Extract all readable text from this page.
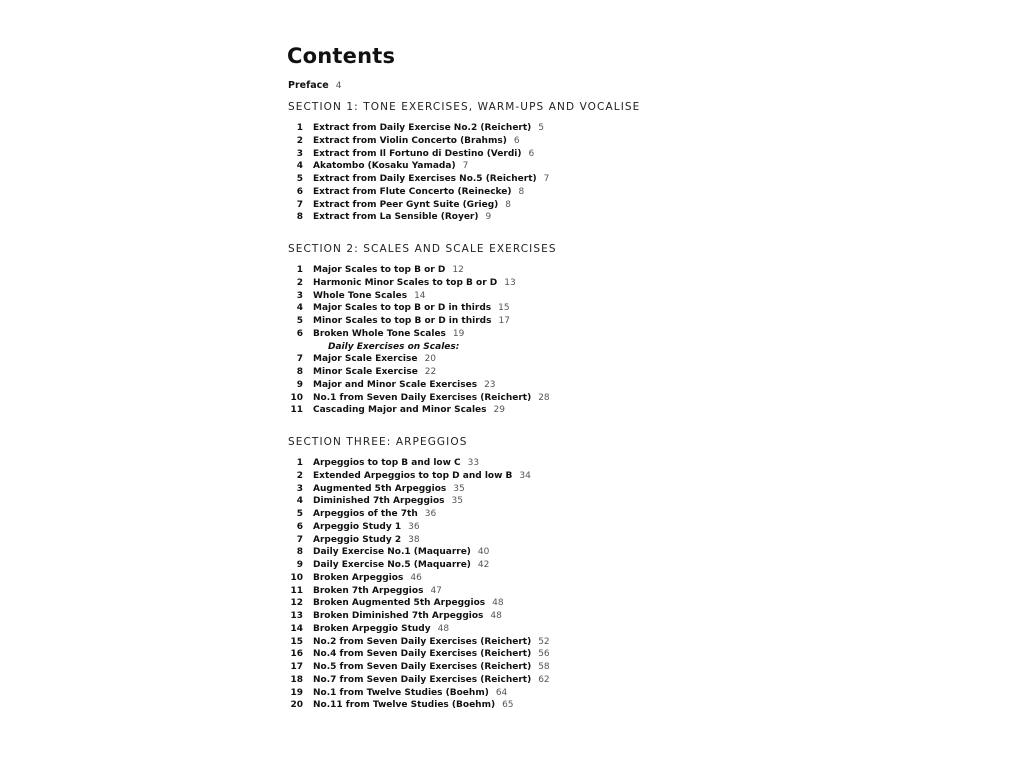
Contents
Preface 4
SECTION 1: TONE EXERCISES, WARM-UPS AND VOCALISE
1 Extract from Daily Exercise No.2 (Reichert) 5
2 Extract from Violin Concerto (Brahms) 6
3 Extract from Il Fortuno di Destino (Verdi) 6
4 Akatombo (Kosaku Yamada) 7
5 Extract from Daily Exercises No.5 (Reichert) 7
6 Extract from Flute Concerto (Reinecke) 8
7 Extract from Peer Gynt Suite (Grieg) 8
8 Extract from La Sensible (Royer) 9
SECTION 2: SCALES AND SCALE EXERCISES
1 Major Scales to top B or D 12
2 Harmonic Minor Scales to top B or D 13
3 Whole Tone Scales 14
4 Major Scales to top B or D in thirds 15
5 Minor Scales to top B or D in thirds 17
6 Broken Whole Tone Scales 19
Daily Exercises on Scales:
7 Major Scale Exercise 20
8 Minor Scale Exercise 22
9 Major and Minor Scale Exercises 23
10 No.1 from Seven Daily Exercises (Reichert) 28
11 Cascading Major and Minor Scales 29
SECTION THREE: ARPEGGIOS
1 Arpeggios to top B and low C 33
2 Extended Arpeggios to top D and low B 34
3 Augmented 5th Arpeggios 35
4 Diminished 7th Arpeggios 35
5 Arpeggios of the 7th 36
6 Arpeggio Study 1 36
7 Arpeggio Study 2 38
8 Daily Exercise No.1 (Maquarre) 40
9 Daily Exercise No.5 (Maquarre) 42
10 Broken Arpeggios 46
11 Broken 7th Arpeggios 47
12 Broken Augmented 5th Arpeggios 48
13 Broken Diminished 7th Arpeggios 48
14 Broken Arpeggio Study 48
15 No.2 from Seven Daily Exercises (Reichert) 52
16 No.4 from Seven Daily Exercises (Reichert) 56
17 No.5 from Seven Daily Exercises (Reichert) 58
18 No.7 from Seven Daily Exercises (Reichert) 62
19 No.1 from Twelve Studies (Boehm) 64
20 No.11 from Twelve Studies (Boehm) 65
